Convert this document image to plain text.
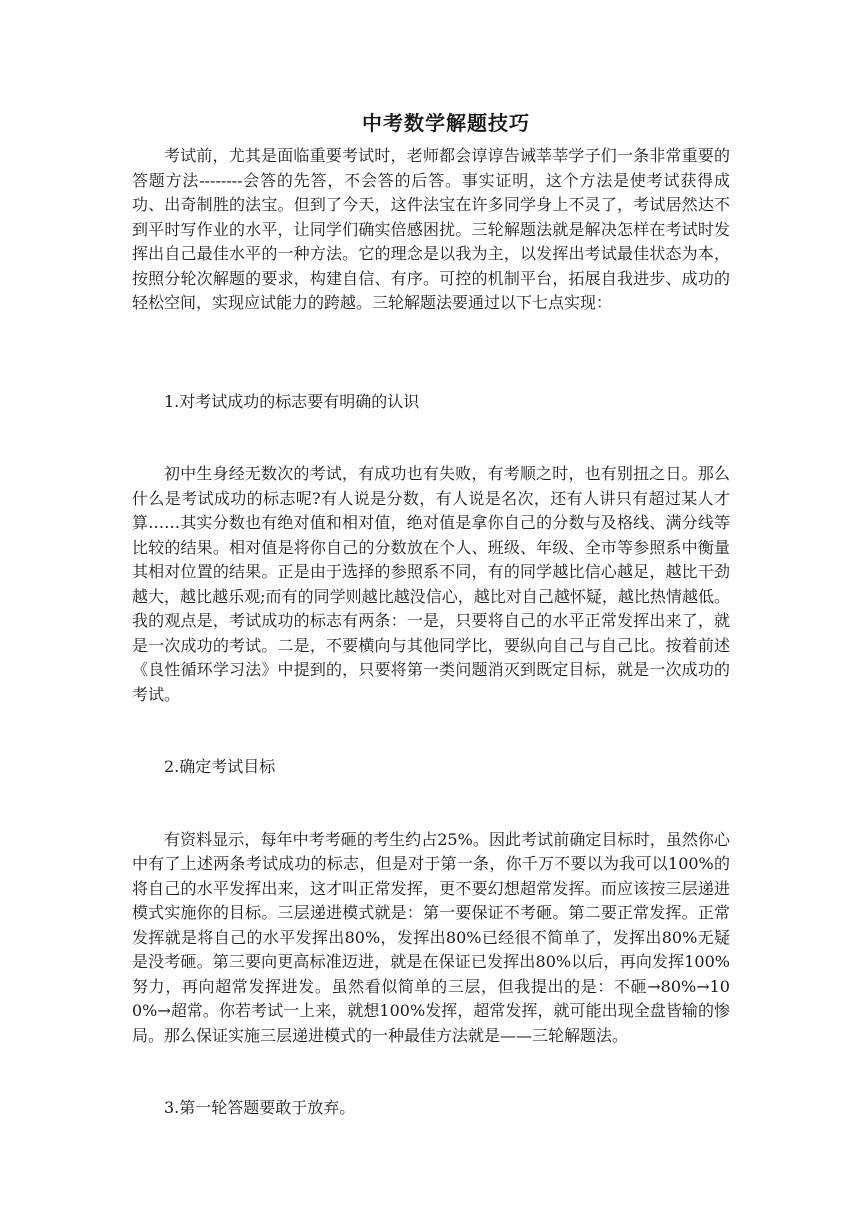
中考数学解题技巧

考试前，尤其是面临重要考试时，老师都会谆谆告诫莘莘学子们一条非常重要的答题方法--------会答的先答，不会答的后答。事实证明，这个方法是使考试获得成功、出奇制胜的法宝。但到了今天，这件法宝在许多同学身上不灵了，考试居然达不到平时写作业的水平，让同学们确实倍感困扰。三轮解题法就是解决怎样在考试时发挥出自己最佳水平的一种方法。它的理念是以我为主，以发挥出考试最佳状态为本，按照分轮次解题的要求，构建自信、有序。可控的机制平台，拓展自我进步、成功的轻松空间，实现应试能力的跨越。三轮解题法要通过以下七点实现：

1.对考试成功的标志要有明确的认识

初中生身经无数次的考试，有成功也有失败，有考顺之时，也有别扭之日。那么什么是考试成功的标志呢?有人说是分数，有人说是名次，还有人讲只有超过某人才算……其实分数也有绝对值和相对值，绝对值是拿你自己的分数与及格线、满分线等比较的结果。相对值是将你自己的分数放在个人、班级、年级、全市等参照系中衡量其相对位置的结果。正是由于选择的参照系不同，有的同学越比信心越足，越比干劲越大，越比越乐观;而有的同学则越比越没信心，越比对自己越怀疑，越比热情越低。我的观点是，考试成功的标志有两条：一是，只要将自己的水平正常发挥出来了，就是一次成功的考试。二是，不要横向与其他同学比，要纵向自己与自己比。按着前述《良性循环学习法》中提到的，只要将第一类问题消灭到既定目标，就是一次成功的考试。

2.确定考试目标

有资料显示，每年中考考砸的考生约占25%。因此考试前确定目标时，虽然你心中有了上述两条考试成功的标志，但是对于第一条，你千万不要以为我可以100%的将自己的水平发挥出来，这才叫正常发挥，更不要幻想超常发挥。而应该按三层递进模式实施你的目标。三层递进模式就是：第一要保证不考砸。第二要正常发挥。正常发挥就是将自己的水平发挥出80%，发挥出80%已经很不简单了，发挥出80%无疑是没考砸。第三要向更高标准迈进，就是在保证已发挥出80%以后，再向发挥100%努力，再向超常发挥进发。虽然看似简单的三层，但我提出的是：不砸→80%→100%→超常。你若考试一上来，就想100%发挥，超常发挥，就可能出现全盘皆输的惨局。那么保证实施三层递进模式的一种最佳方法就是——三轮解题法。

3.第一轮答题要敢于放弃。
